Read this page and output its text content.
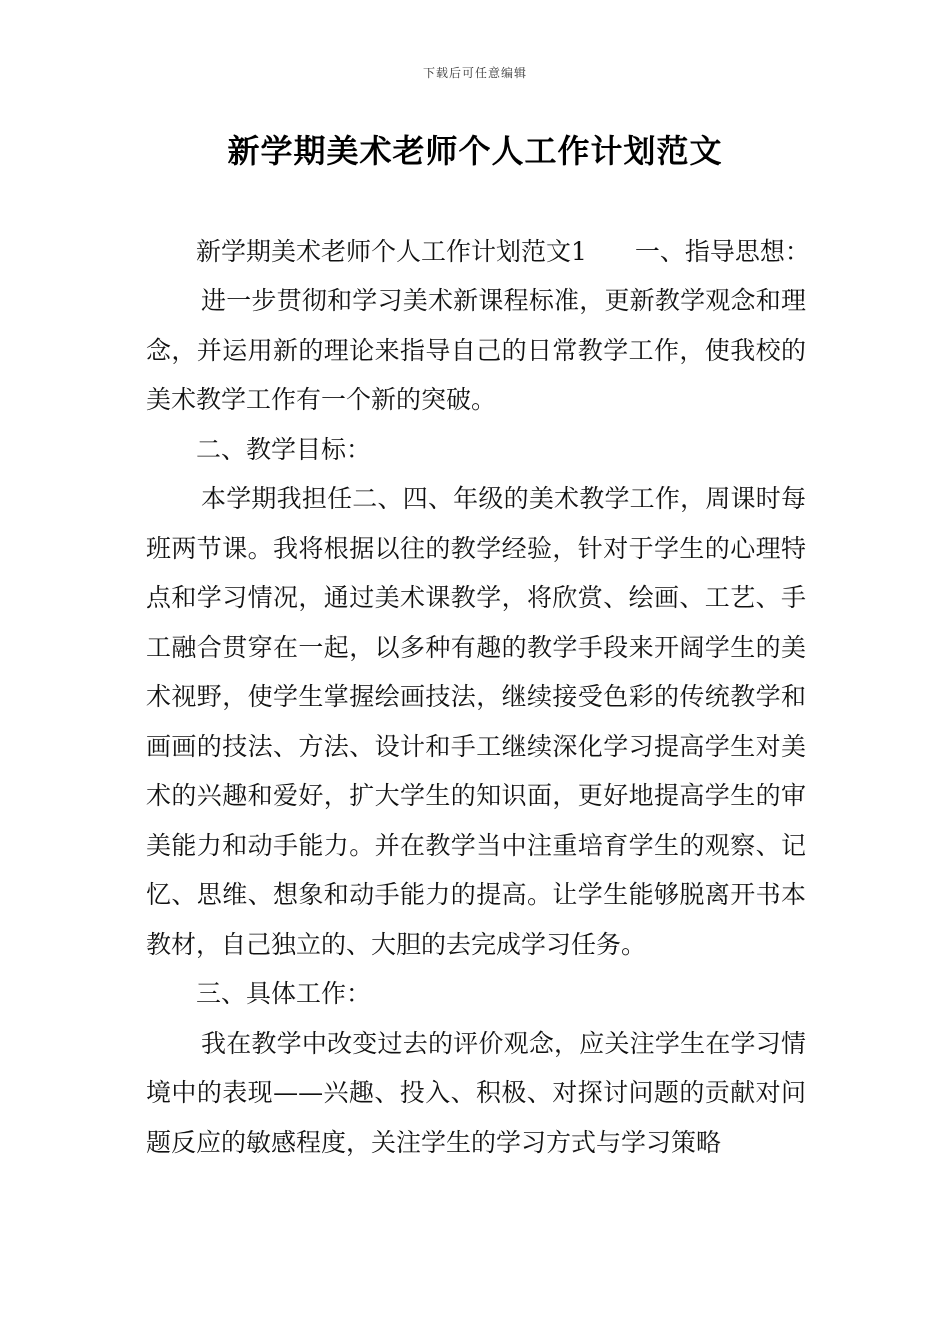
下载后可任意编辑
新学期美术老师个人工作计划范文
新学期美术老师个人工作计划范文1 一、指导思想：

进一步贯彻和学习美术新课程标准，更新教学观念和理念，并运用新的理论来指导自己的日常教学工作，使我校的美术教学工作有一个新的突破。

二、教学目标：

本学期我担任二、四、年级的美术教学工作，周课时每班两节课。我将根据以往的教学经验，针对于学生的心理特点和学习情况，通过美术课教学，将欣赏、绘画、工艺、手工融合贯穿在一起，以多种有趣的教学手段来开阔学生的美术视野，使学生掌握绘画技法，继续接受色彩的传统教学和画画的技法、方法、设计和手工继续深化学习提高学生对美术的兴趣和爱好，扩大学生的知识面，更好地提高学生的审美能力和动手能力。并在教学当中注重培育学生的观察、记忆、思维、想象和动手能力的提高。让学生能够脱离开书本教材，自己独立的、大胆的去完成学习任务。

三、具体工作：

我在教学中改变过去的评价观念，应关注学生在学习情境中的表现——兴趣、投入、积极、对探讨问题的贡献对问题反应的敏感程度，关注学生的学习方式与学习策略
